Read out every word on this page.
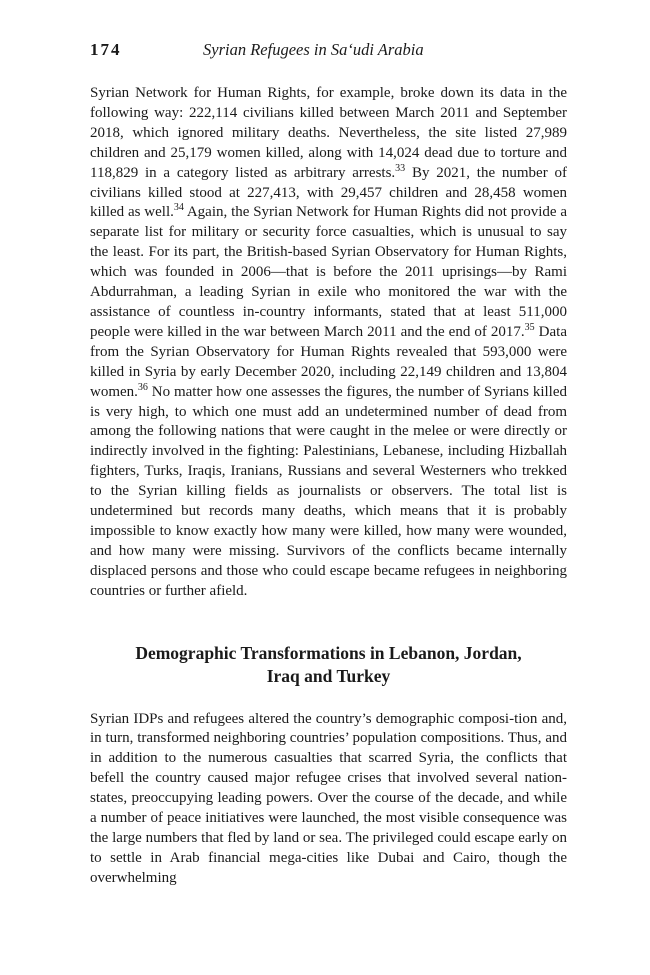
174	Syrian Refugees in Sa‘udi Arabia

Syrian Network for Human Rights, for example, broke down its data in the following way: 222,114 civilians killed between March 2011 and September 2018, which ignored military deaths. Nevertheless, the site listed 27,989 children and 25,179 women killed, along with 14,024 dead due to torture and 118,829 in a category listed as arbitrary arrests.$^{33}$ By 2021, the number of civilians killed stood at 227,413, with 29,457 children and 28,458 women killed as well.$^{34}$ Again, the Syrian Network for Human Rights did not provide a separate list for military or security force casualties, which is unusual to say the least. For its part, the British-based Syrian Observatory for Human Rights, which was founded in 2006—that is before the 2011 uprisings—by Rami Abdurrahman, a leading Syrian in exile who monitored the war with the assistance of countless in-country informants, stated that at least 511,000 people were killed in the war between March 2011 and the end of 2017.35 Data from the Syrian Observatory for Human Rights revealed that 593,000 were killed in Syria by early December 2020, including 22,149 children and 13,804 women.$^{36}$ No matter how one assesses the figures, the number of Syrians killed is very high, to which one must add an undetermined number of dead from among the following nations that were caught in the melee or were directly or indirectly involved in the fighting: Palestinians, Lebanese, including Hizballah fighters, Turks, Iraqis, Iranians, Russians and several Westerners who trekked to the Syrian killing fields as journalists or observers. The total list is undetermined but records many deaths, which means that it is probably impossible to know exactly how many were killed, how many were wounded, and how many were missing. Survivors of the conflicts became internally displaced persons and those who could escape became refugees in neighboring countries or further afield.

Demographic Transformations in Lebanon, Jordan,
Iraq and Turkey

Syrian IDPs and refugees altered the country’s demographic composi-tion and, in turn, transformed neighboring countries’ population compositions. Thus, and in addition to the numerous casualties that scarred Syria, the conflicts that befell the country caused major refugee crises that involved several nation-states, preoccupying leading powers. Over the course of the decade, and while a number of peace initiatives were launched, the most visible consequence was the large numbers that fled by land or sea. The privileged could escape early on to settle in Arab financial mega-cities like Dubai and Cairo, though the overwhelming
